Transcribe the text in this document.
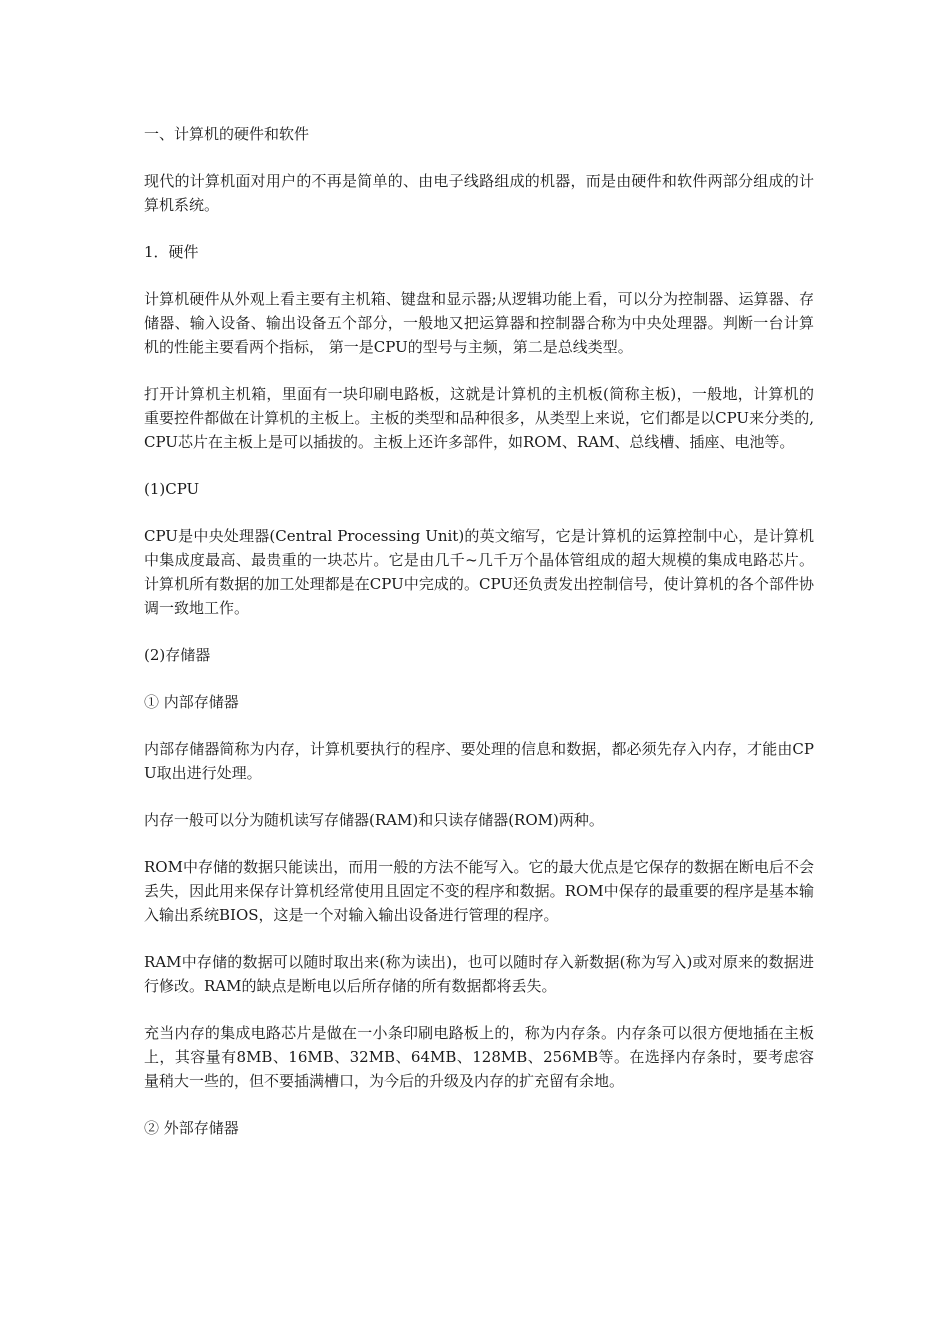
一、计算机的硬件和软件
现代的计算机面对用户的不再是简单的、由电子线路组成的机器，而是由硬件和软件两部分组成的计算机系统。
1．硬件
计算机硬件从外观上看主要有主机箱、键盘和显示器;从逻辑功能上看，可以分为控制器、运算器、存储器、输入设备、输出设备五个部分，一般地又把运算器和控制器合称为中央处理器。判断一台计算机的性能主要看两个指标， 第一是CPU的型号与主频，第二是总线类型。
打开计算机主机箱，里面有一块印刷电路板，这就是计算机的主机板(简称主板)，一般地，计算机的重要控件都做在计算机的主板上。主板的类型和品种很多，从类型上来说，它们都是以CPU来分类的,CPU芯片在主板上是可以插拔的。主板上还许多部件，如ROM、RAM、总线槽、插座、电池等。
(1)CPU
CPU是中央处理器(Central Processing Unit)的英文缩写，它是计算机的运算控制中心，是计算机中集成度最高、最贵重的一块芯片。它是由几千~几千万个晶体管组成的超大规模的集成电路芯片。计算机所有数据的加工处理都是在CPU中完成的。CPU还负责发出控制信号，使计算机的各个部件协调一致地工作。
(2)存储器
① 内部存储器
内部存储器简称为内存，计算机要执行的程序、要处理的信息和数据，都必须先存入内存，才能由CPU取出进行处理。
内存一般可以分为随机读写存储器(RAM)和只读存储器(ROM)两种。
ROM中存储的数据只能读出，而用一般的方法不能写入。它的最大优点是它保存的数据在断电后不会丢失，因此用来保存计算机经常使用且固定不变的程序和数据。ROM中保存的最重要的程序是基本输入输出系统BIOS，这是一个对输入输出设备进行管理的程序。
RAM中存储的数据可以随时取出来(称为读出)，也可以随时存入新数据(称为写入)或对原来的数据进行修改。RAM的缺点是断电以后所存储的所有数据都将丢失。
充当内存的集成电路芯片是做在一小条印刷电路板上的，称为内存条。内存条可以很方便地插在主板上，其容量有8MB、16MB、32MB、64MB、128MB、256MB等。在选择内存条时，要考虑容量稍大一些的，但不要插满槽口，为今后的升级及内存的扩充留有余地。
② 外部存储器
